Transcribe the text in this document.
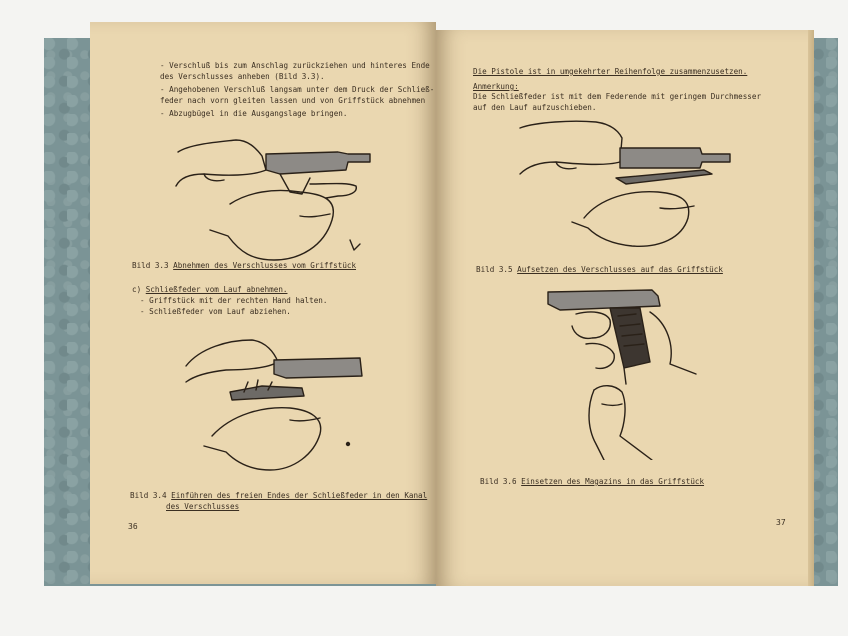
- Verschluß bis zum Anschlag zurückziehen und hinteres Ende
des Verschlusses anheben (Bild 3.3).
- Angehobenen Verschluß langsam unter dem Druck der Schließ-
feder nach vorn gleiten lassen und von Griffstück abnehmen
- Abzugbügel in die Ausgangslage bringen.
Bild 3.3 Abnehmen des Verschlusses vom Griffstück
c) Schließfeder vom Lauf abnehmen.
- Griffstück mit der rechten Hand halten.
- Schließfeder vom Lauf abziehen.
Bild 3.4 Einführen des freien Endes der Schließfeder in den Kanal
des Verschlusses
36
Die Pistole ist in umgekehrter Reihenfolge zusammenzusetzen.
Anmerkung:
Die Schließfeder ist mit dem Federende mit geringem Durchmesser
auf den Lauf aufzuschieben.
Bild 3.5 Aufsetzen des Verschlusses auf das Griffstück
Bild 3.6 Einsetzen des Magazins in das Griffstück
37
